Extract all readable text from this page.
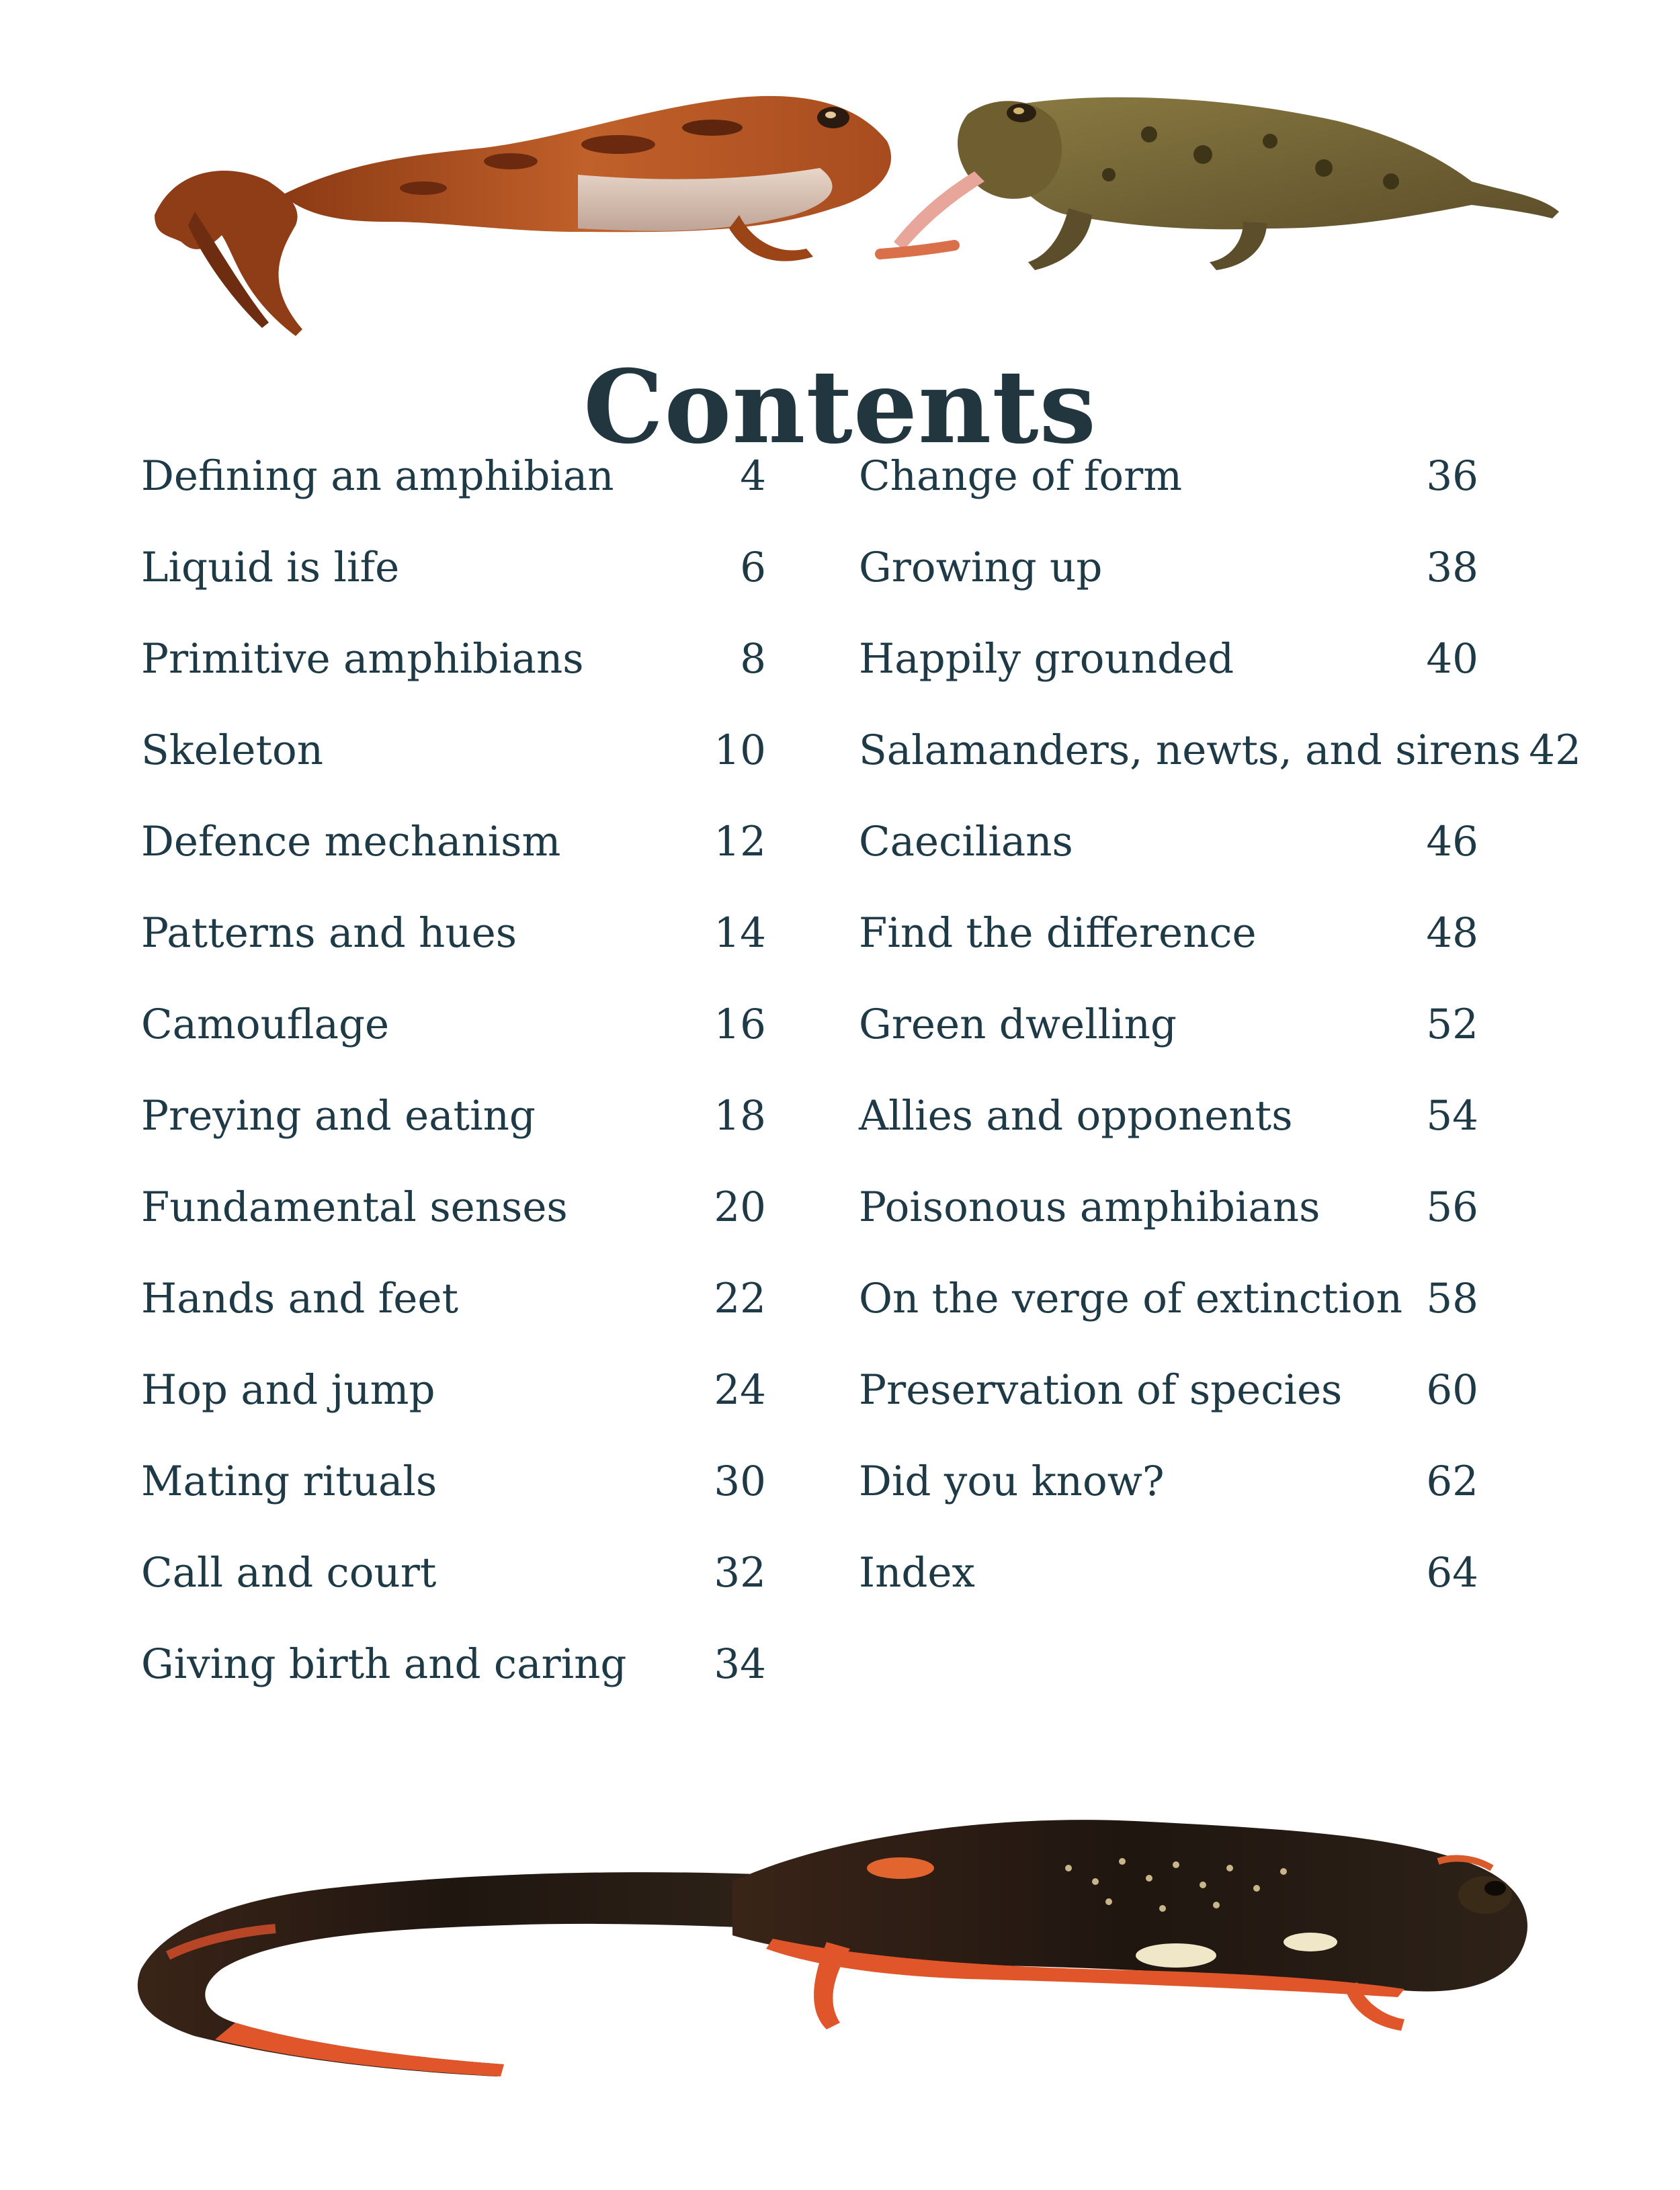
Contents
Defining an amphibian	4
Liquid is life	6
Primitive amphibians	8
Skeleton	10
Defence mechanism	12
Patterns and hues	14
Camouflage	16
Preying and eating	18
Fundamental senses	20
Hands and feet	22
Hop and jump	24
Mating rituals	30
Call and court	32
Giving birth and caring 34
Change of form	36
Growing up	38
Happily grounded	40
Salamanders, newts, and sirens 42
Caecilians	46
Find the difference	48
Green dwelling	52
Allies and opponents	54
Poisonous amphibians	56
On the verge of extinction 58
Preservation of species 60
Did you know?	62
Index	64
